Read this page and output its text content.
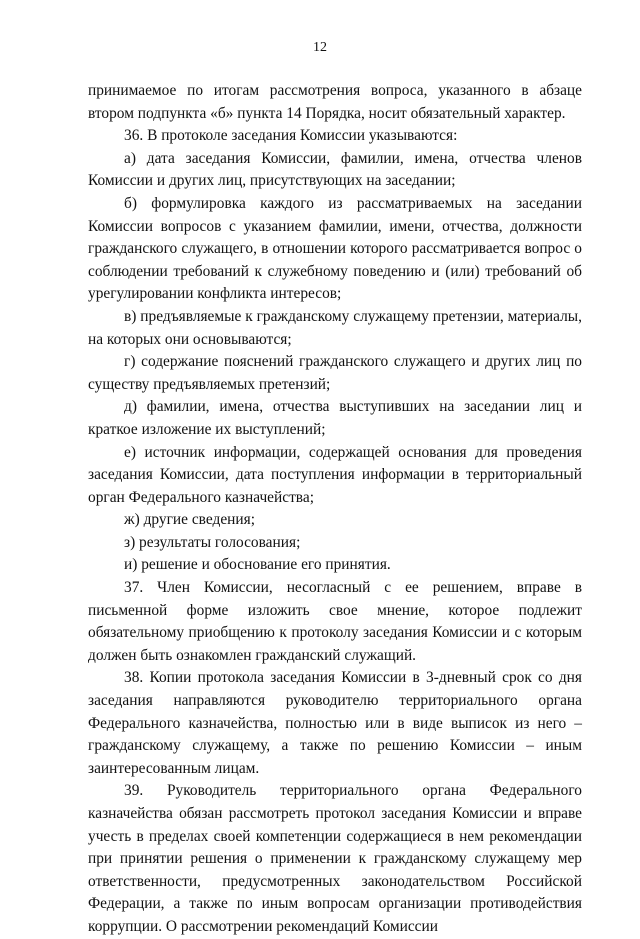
12

принимаемое по итогам рассмотрения вопроса, указанного в абзаце втором подпункта «б» пункта 14 Порядка, носит обязательный характер.

36. В протоколе заседания Комиссии указываются:

а) дата заседания Комиссии, фамилии, имена, отчества членов Комиссии и других лиц, присутствующих на заседании;

б) формулировка каждого из рассматриваемых на заседании Комиссии вопросов с указанием фамилии, имени, отчества, должности гражданского служащего, в отношении которого рассматривается вопрос о соблюдении требований к служебному поведению и (или) требований об урегулировании конфликта интересов;

в) предъявляемые к гражданскому служащему претензии, материалы, на которых они основываются;

г) содержание пояснений гражданского служащего и других лиц по существу предъявляемых претензий;

д) фамилии, имена, отчества выступивших на заседании лиц и краткое изложение их выступлений;

е) источник информации, содержащей основания для проведения заседания Комиссии, дата поступления информации в территориальный орган Федерального казначейства;

ж) другие сведения;

з) результаты голосования;

и) решение и обоснование его принятия.

37. Член Комиссии, несогласный с ее решением, вправе в письменной форме изложить свое мнение, которое подлежит обязательному приобщению к протоколу заседания Комиссии и с которым должен быть ознакомлен гражданский служащий.

38. Копии протокола заседания Комиссии в 3-дневный срок со дня заседания направляются руководителю территориального органа Федерального казначейства, полностью или в виде выписок из него – гражданскому служащему, а также по решению Комиссии – иным заинтересованным лицам.

39. Руководитель территориального органа Федерального казначейства обязан рассмотреть протокол заседания Комиссии и вправе учесть в пределах своей компетенции содержащиеся в нем рекомендации при принятии решения о применении к гражданскому служащему мер ответственности, предусмотренных законодательством Российской Федерации, а также по иным вопросам организации противодействия коррупции. О рассмотрении рекомендаций Комиссии
